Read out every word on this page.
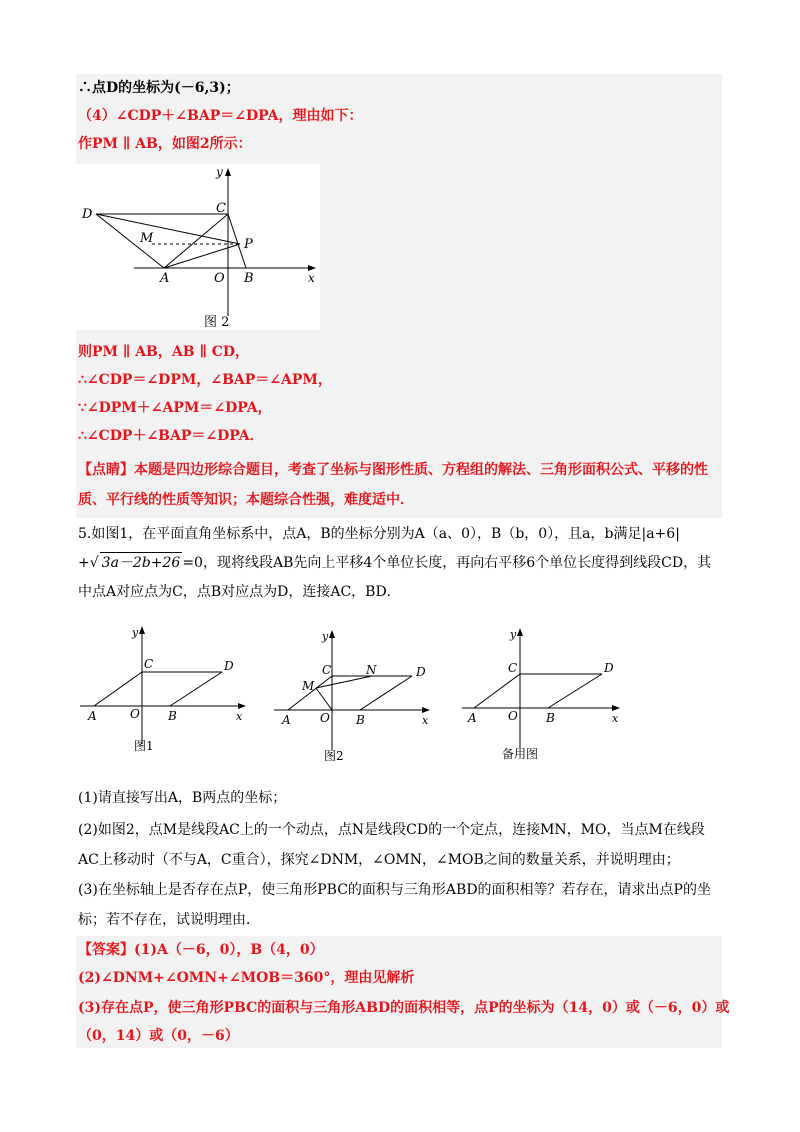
∴点D的坐标为(－6,3)；
（4）∠CDP＋∠BAP＝∠DPA，理由如下：
作PM ∥ AB，如图2所示：
D	C
M	P
A	O B	x
y
图 2
则PM ∥ AB，AB ∥ CD，
∴∠CDP＝∠DPM，∠BAP＝∠APM，
∵∠DPM＋∠APM＝∠DPA，
∴∠CDP＋∠BAP＝∠DPA．
【点睛】本题是四边形综合题目，考查了坐标与图形性质、方程组的解法、三角形面积公式、平移的性
质、平行线的性质等知识；本题综合性强，难度适中．
5.如图1，在平面直角坐标系中，点A，B的坐标分别为A（a、0），B（b，0），且a，b满足|a+6|
+√ 3a－2b+26 =0，现将线段AB先向上平移4个单位长度，再向右平移6个单位长度得到线段CD，其
中点A对应点为C，点B对应点为D，连接AC，BD．
A	O B
C	D
x
y
图1
A O B
C	N	D
M
x
y
图2
A	O B
C	D
x
y
备用图
(1)请直接写出A，B两点的坐标；
(2)如图2，点M是线段AC上的一个动点，点N是线段CD的一个定点，连接MN，MO，当点M在线段
AC上移动时（不与A，C重合），探究∠DNM，∠OMN，∠MOB之间的数量关系，并说明理由；
(3)在坐标轴上是否存在点P，使三角形PBC的面积与三角形ABD的面积相等？若存在，请求出点P的坐
标；若不存在，试说明理由．
【答案】(1)A（－6，0），B（4，0）
(2)∠DNM+∠OMN+∠MOB＝360°，理由见解析
(3)存在点P，使三角形PBC的面积与三角形ABD的面积相等，点P的坐标为（14，0）或（－6，0）或
（0，14）或（0，－6）
